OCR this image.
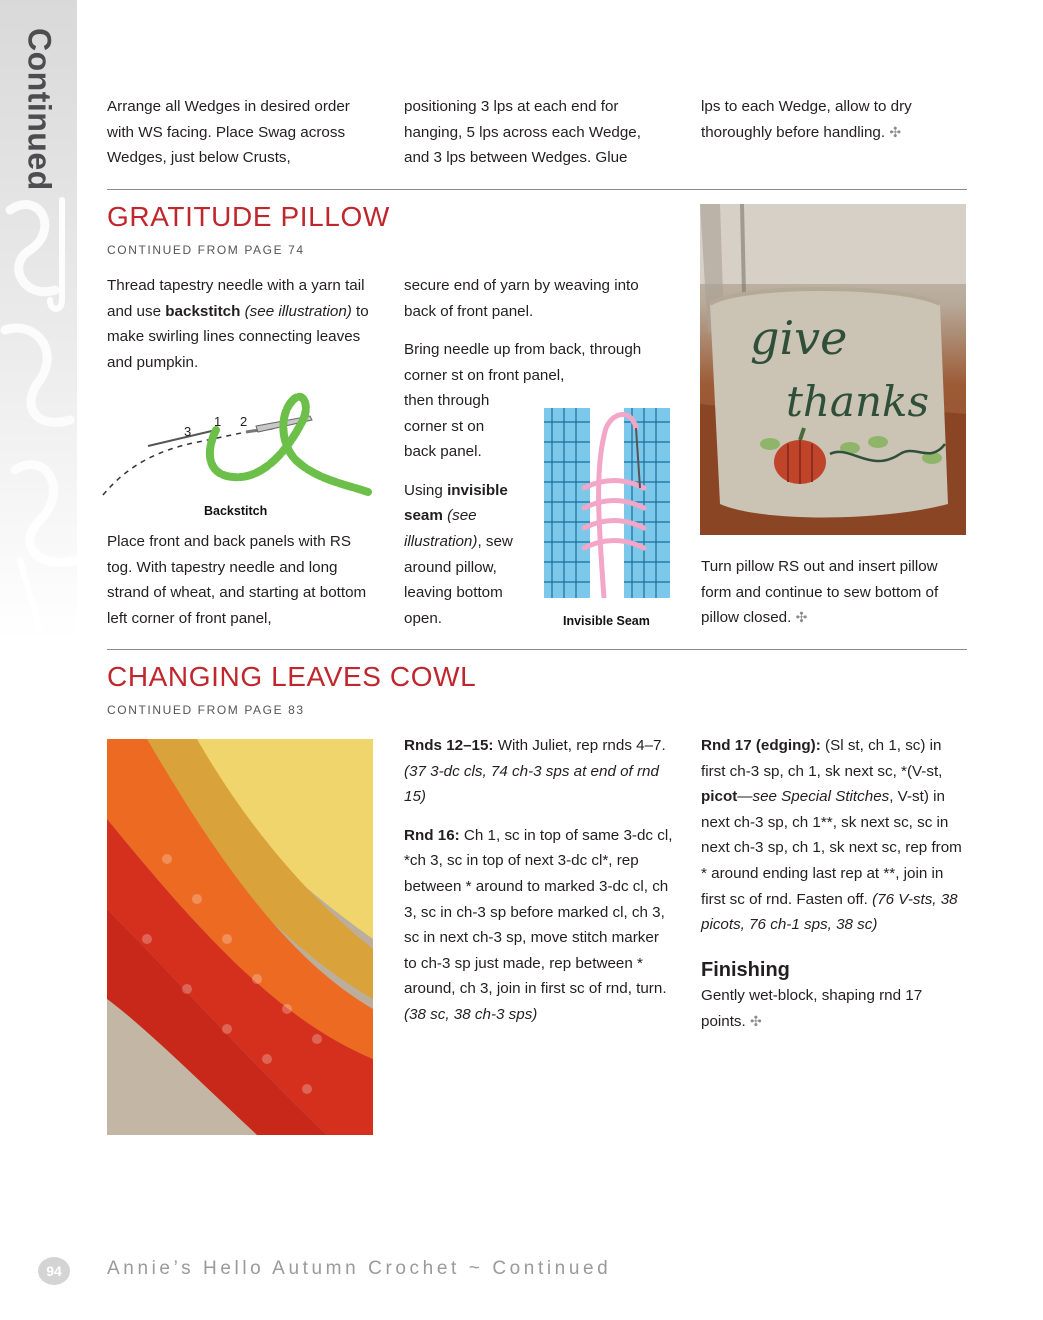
Continued	Arrange all Wedges in desired order with WS facing. Place Swag across Wedges, just below Crusts,

positioning 3 lps at each end for hanging, 5 lps across each Wedge, and 3 lps between Wedges. Glue

lps to each Wedge, allow to dry thoroughly before handling. ✣

GRATITUDE PILLOW

CONTINUED FROM PAGE 74

Thread tapestry needle with a yarn tail and use backstitch (see illustration) to make swirling lines connecting leaves and pumpkin.

3
1 2
Backstitch

Place front and back panels with RS tog. With tapestry needle and long strand of wheat, and starting at bottom left corner of front panel,

secure end of yarn by weaving into back of front panel.

Bring needle up from back, through corner st on front panel,

then through corner st on back panel.

Using invisible seam (see illustration), sew around pillow, leaving bottom open.	Invisible Seam
give
thanks

Turn pillow RS out and insert pillow form and continue to sew bottom of pillow closed. ✣

CHANGING LEAVES COWL

CONTINUED FROM PAGE 83

Rnds 12–15: With Juliet, rep rnds 4–7. (37 3-dc cls, 74 ch-3 sps at end of rnd 15)

Rnd 16: Ch 1, sc in top of same 3-dc cl, *ch 3, sc in top of next 3-dc cl*, rep between * around to marked 3-dc cl, ch 3, sc in ch-3 sp before marked cl, ch 3, sc in next ch-3 sp, move stitch marker to ch-3 sp just made, rep between * around, ch 3, join in first sc of rnd, turn. (38 sc, 38 ch-3 sps)

Rnd 17 (edging): (Sl st, ch 1, sc) in first ch-3 sp, ch 1, sk next sc, *(V-st, picot—see Special Stitches, V-st) in next ch-3 sp, ch 1**, sk next sc, sc in next ch-3 sp, ch 1, sk next sc, rep from * around ending last rep at **, join in first sc of rnd. Fasten off. (76 V-sts, 38 picots, 76 ch-1 sps, 38 sc)

Finishing

Gently wet-block, shaping rnd 17 points. ✣

94	Annie’s Hello Autumn Crochet ~ Continued
